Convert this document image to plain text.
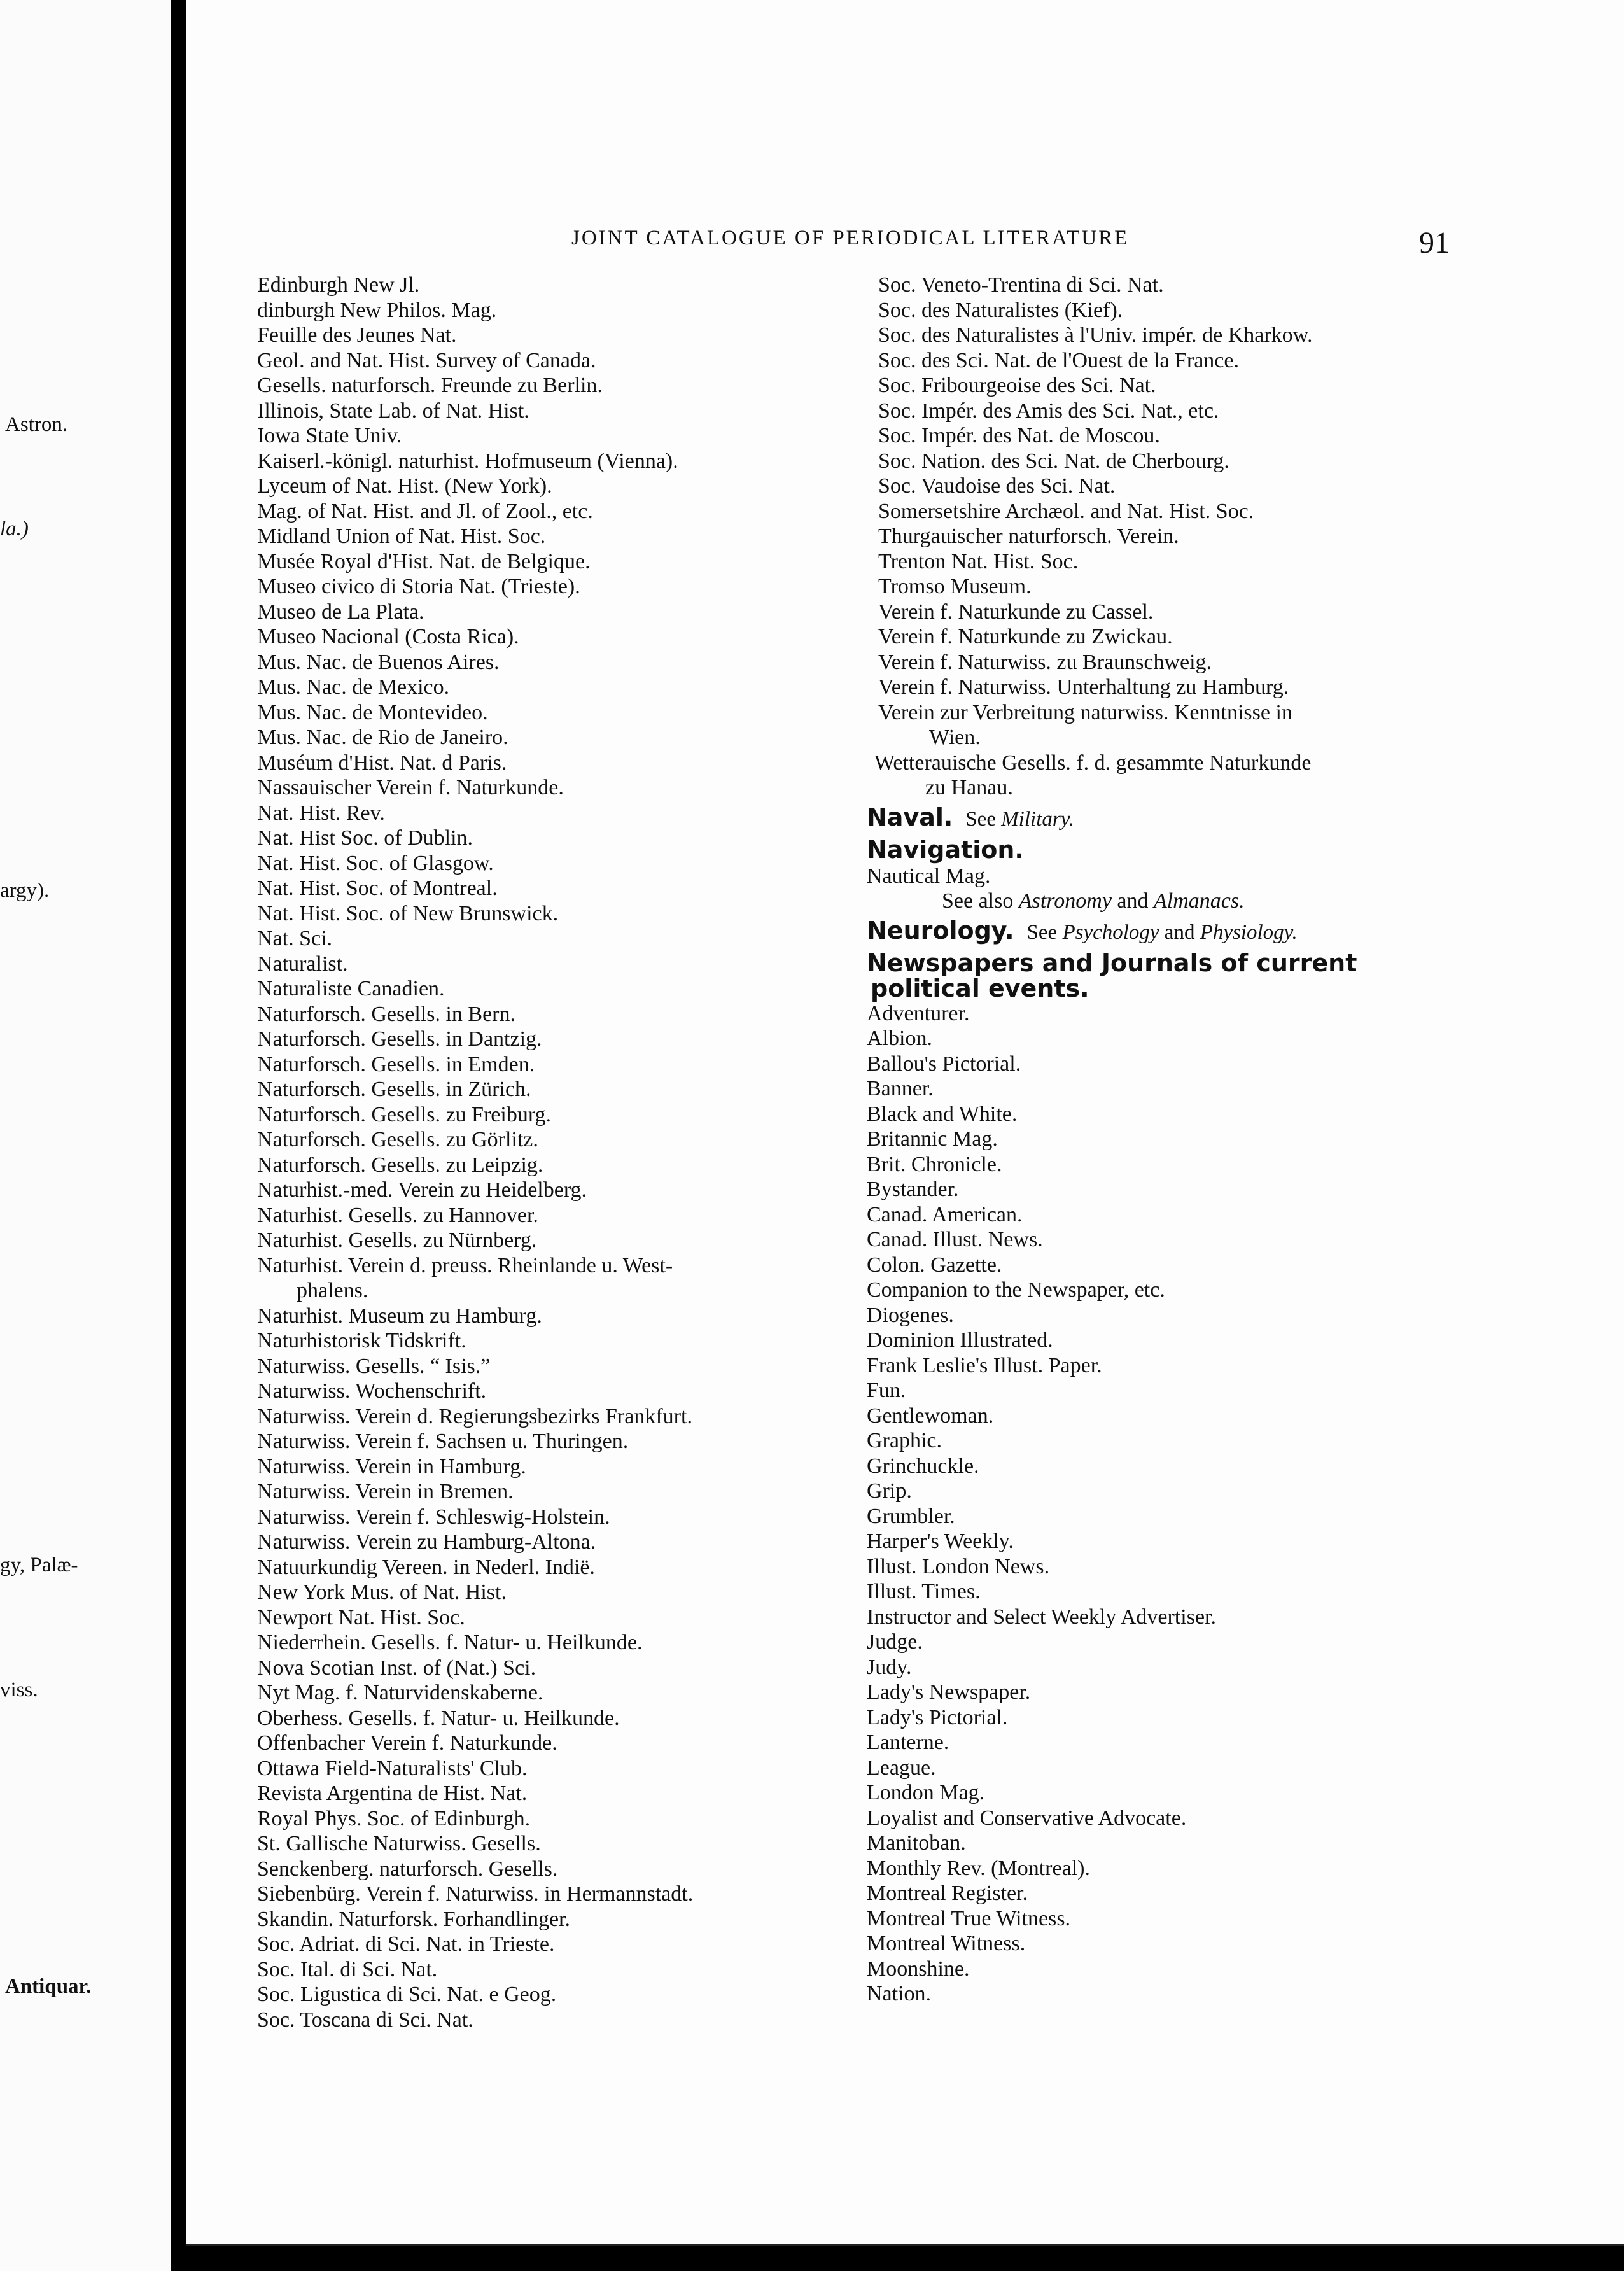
Astron.
la.)
argy).
gy, Palæ-
viss.
Antiquar.
JOINT CATALOGUE OF PERIODICAL LITERATURE	91
Edinburgh New Jl.
dinburgh New Philos. Mag.
Feuille des Jeunes Nat.
Geol. and Nat. Hist. Survey of Canada.
Gesells. naturforsch. Freunde zu Berlin.
Illinois, State Lab. of Nat. Hist.
Iowa State Univ.
Kaiserl.-königl. naturhist. Hofmuseum (Vienna).
Lyceum of Nat. Hist. (New York).
Mag. of Nat. Hist. and Jl. of Zool., etc.
Midland Union of Nat. Hist. Soc.
Musée Royal d'Hist. Nat. de Belgique.
Museo civico di Storia Nat. (Trieste).
Museo de La Plata.
Museo Nacional (Costa Rica).
Mus. Nac. de Buenos Aires.
Mus. Nac. de Mexico.
Mus. Nac. de Montevideo.
Mus. Nac. de Rio de Janeiro.
Muséum d'Hist. Nat. d Paris.
Nassauischer Verein f. Naturkunde.
Nat. Hist. Rev.
Nat. Hist Soc. of Dublin.
Nat. Hist. Soc. of Glasgow.
Nat. Hist. Soc. of Montreal.
Nat. Hist. Soc. of New Brunswick.
Nat. Sci.
Naturalist.
Naturaliste Canadien.
Naturforsch. Gesells. in Bern.
Naturforsch. Gesells. in Dantzig.
Naturforsch. Gesells. in Emden.
Naturforsch. Gesells. in Zürich.
Naturforsch. Gesells. zu Freiburg.
Naturforsch. Gesells. zu Görlitz.
Naturforsch. Gesells. zu Leipzig.
Naturhist.-med. Verein zu Heidelberg.
Naturhist. Gesells. zu Hannover.
Naturhist. Gesells. zu Nürnberg.
Naturhist. Verein d. preuss. Rheinlande u. West-
phalens.
Naturhist. Museum zu Hamburg.
Naturhistorisk Tidskrift.
Naturwiss. Gesells. “ Isis.”
Naturwiss. Wochenschrift.
Naturwiss. Verein d. Regierungsbezirks Frankfurt.
Naturwiss. Verein f. Sachsen u. Thuringen.
Naturwiss. Verein in Hamburg.
Naturwiss. Verein in Bremen.
Naturwiss. Verein f. Schleswig-Holstein.
Naturwiss. Verein zu Hamburg-Altona.
Natuurkundig Vereen. in Nederl. Indië.
New York Mus. of Nat. Hist.
Newport Nat. Hist. Soc.
Niederrhein. Gesells. f. Natur- u. Heilkunde.
Nova Scotian Inst. of (Nat.) Sci.
Nyt Mag. f. Naturvidenskaberne.
Oberhess. Gesells. f. Natur- u. Heilkunde.
Offenbacher Verein f. Naturkunde.
Ottawa Field-Naturalists' Club.
Revista Argentina de Hist. Nat.
Royal Phys. Soc. of Edinburgh.
St. Gallische Naturwiss. Gesells.
Senckenberg. naturforsch. Gesells.
Siebenbürg. Verein f. Naturwiss. in Hermannstadt.
Skandin. Naturforsk. Forhandlinger.
Soc. Adriat. di Sci. Nat. in Trieste.
Soc. Ital. di Sci. Nat.
Soc. Ligustica di Sci. Nat. e Geog.
Soc. Toscana di Sci. Nat.
Soc. Veneto-Trentina di Sci. Nat.
Soc. des Naturalistes (Kief).
Soc. des Naturalistes à l'Univ. impér. de Kharkow.
Soc. des Sci. Nat. de l'Ouest de la France.
Soc. Fribourgeoise des Sci. Nat.
Soc. Impér. des Amis des Sci. Nat., etc.
Soc. Impér. des Nat. de Moscou.
Soc. Nation. des Sci. Nat. de Cherbourg.
Soc. Vaudoise des Sci. Nat.
Somersetshire Archæol. and Nat. Hist. Soc.
Thurgauischer naturforsch. Verein.
Trenton Nat. Hist. Soc.
Tromso Museum.
Verein f. Naturkunde zu Cassel.
Verein f. Naturkunde zu Zwickau.
Verein f. Naturwiss. zu Braunschweig.
Verein f. Naturwiss. Unterhaltung zu Hamburg.
Verein zur Verbreitung naturwiss. Kenntnisse in
Wien.
Wetterauische Gesells. f. d. gesammte Naturkunde
zu Hanau.
Naval. See Military.
Navigation.
Nautical Mag.
See also Astronomy and Almanacs.
Neurology. See Psychology and Physiology.
Newspapers and Journals of current
political events.
Adventurer.
Albion.
Ballou's Pictorial.
Banner.
Black and White.
Britannic Mag.
Brit. Chronicle.
Bystander.
Canad. American.
Canad. Illust. News.
Colon. Gazette.
Companion to the Newspaper, etc.
Diogenes.
Dominion Illustrated.
Frank Leslie's Illust. Paper.
Fun.
Gentlewoman.
Graphic.
Grinchuckle.
Grip.
Grumbler.
Harper's Weekly.
Illust. London News.
Illust. Times.
Instructor and Select Weekly Advertiser.
Judge.
Judy.
Lady's Newspaper.
Lady's Pictorial.
Lanterne.
League.
London Mag.
Loyalist and Conservative Advocate.
Manitoban.
Monthly Rev. (Montreal).
Montreal Register.
Montreal True Witness.
Montreal Witness.
Moonshine.
Nation.
